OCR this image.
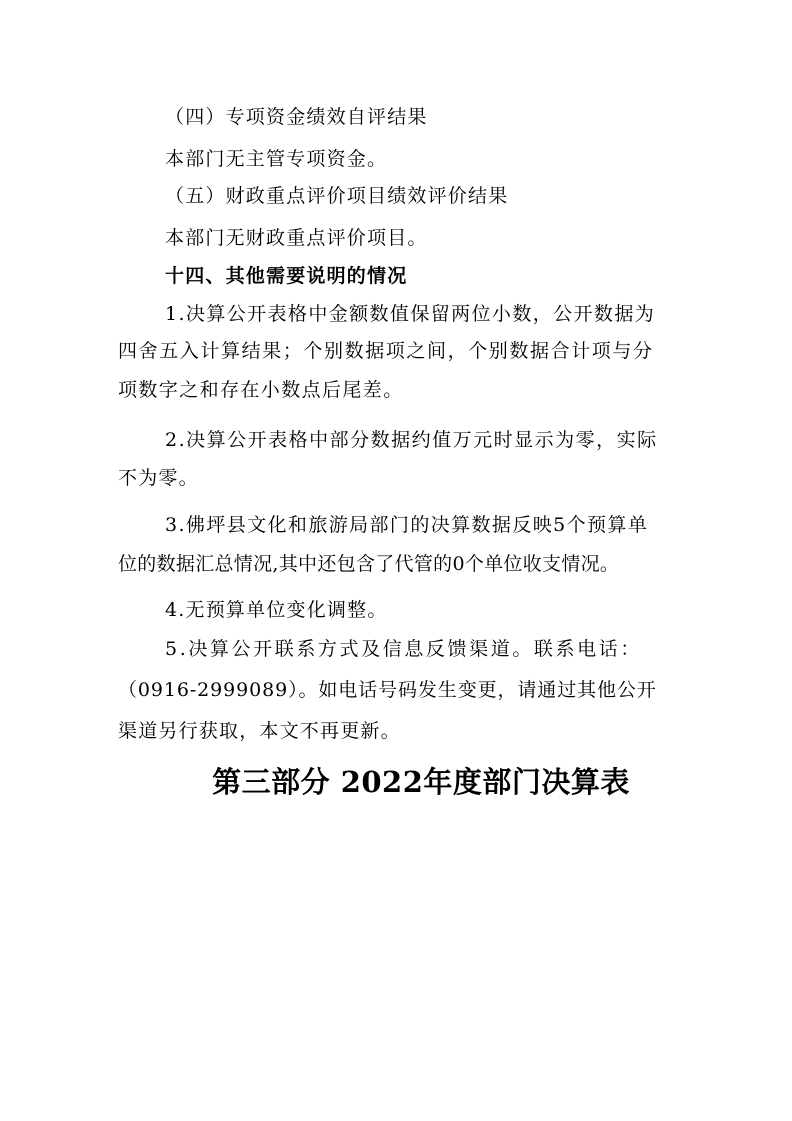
（四）专项资金绩效自评结果
本部门无主管专项资金。
（五）财政重点评价项目绩效评价结果
本部门无财政重点评价项目。
十四、其他需要说明的情况
1.决算公开表格中金额数值保留两位小数，公开数据为
四舍五入计算结果；个别数据项之间，个别数据合计项与分
项数字之和存在小数点后尾差。
2.决算公开表格中部分数据约值万元时显示为零，实际
不为零。
3.佛坪县文化和旅游局部门的决算数据反映5个预算单
位的数据汇总情况,其中还包含了代管的0个单位收支情况。
4.无预算单位变化调整。
5.决算公开联系方式及信息反馈渠道。联系电话：
（0916-2999089）。如电话号码发生变更，请通过其他公开
渠道另行获取，本文不再更新。
第三部分 2022年度部门决算表
